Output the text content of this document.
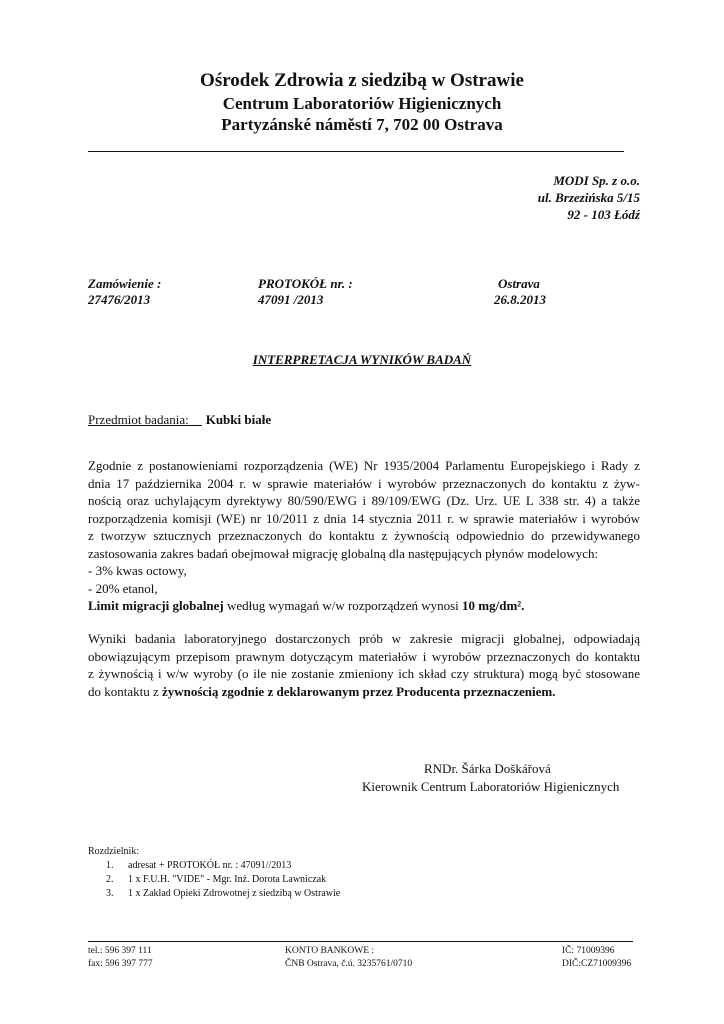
Ośrodek Zdrowia z siedzibą w Ostrawie
Centrum Laboratoriów Higienicznych
Partyzánské náměstí 7, 702 00 Ostrava
MODI Sp. z o.o.
ul. Brzezińska 5/15
92 - 103 Łódź
Zamówienie :
27476/2013
PROTOKÓŁ nr. :
47091 /2013
Ostrava
26.8.2013
INTERPRETACJA WYNIKÓW BADAŃ
Przedmiot badania:__ Kubki białe
Zgodnie z postanowieniami rozporządzenia (WE) Nr 1935/2004 Parlamentu Europejskiego i Rady z
dnia 17 października 2004 r. w sprawie materiałów i wyrobów przeznaczonych do kontaktu z żyw-
nością oraz uchylającym dyrektywy 80/590/EWG i 89/109/EWG (Dz. Urz. UE L 338 str. 4) a także
rozporządzenia komisji (WE) nr 10/2011 z dnia 14 stycznia 2011 r. w sprawie materiałów i wyrobów
z tworzyw sztucznych przeznaczonych do kontaktu z żywnością odpowiednio do przewidywanego
zastosowania zakres badań obejmował migrację globalną dla następujących płynów modelowych:
- 3% kwas octowy,
- 20% etanol,
Limit migracji globalnej według wymagań w/w rozporządzeń wynosi 10 mg/dm².
Wyniki badania laboratoryjnego dostarczonych prób w zakresie migracji globalnej, odpowiadają
obowiązującym przepisom prawnym dotyczącym materiałów i wyrobów przeznaczonych do kontaktu
z żywnością i w/w wyroby (o ile nie zostanie zmieniony ich skład czy struktura) mogą być stosowane
do kontaktu z żywnością zgodnie z deklarowanym przez Producenta przeznaczeniem.
RNDr. Šárka Doškářová
Kierownik Centrum Laboratoriów Higienicznych
Rozdzielnik:
1. adresat + PROTOKÓŁ nr. : 47091//2013
2. 1 x F.U.H. "VIDE" - Mgr. Inż. Dorota Lawniczak
3. 1 x Zakład Opieki Zdrowotnej z siedzibą w Ostrawie
tel.: 596 397 111
fax: 596 397 777
KONTO BANKOWE :
ČNB Ostrava, č.ú. 3235761/0710
IČ: 71009396
DIČ:CZ71009396
